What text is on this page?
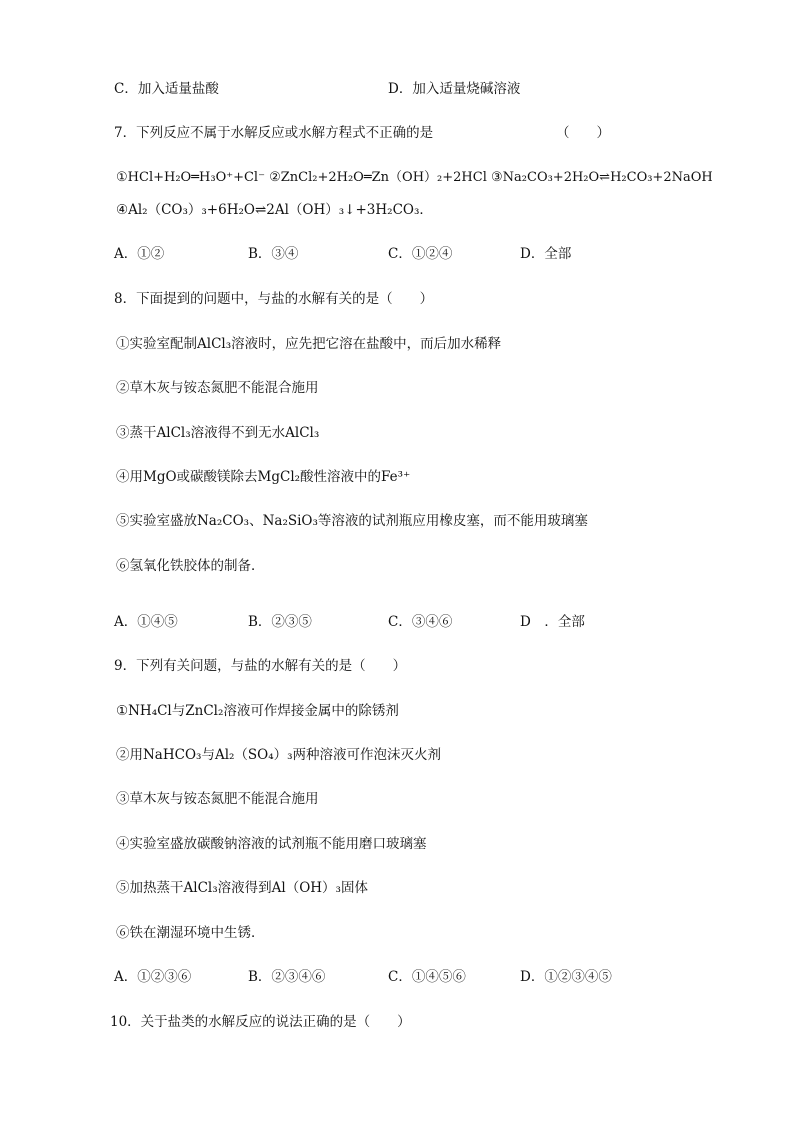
C．加入适量盐酸	D．加入适量烧碱溶液
7．下列反应不属于水解反应或水解方程式不正确的是	（　　）
①HCl+H₂O═H₃O⁺+Cl⁻ ②ZnCl₂+2H₂O═Zn（OH）₂+2HCl ③Na₂CO₃+2H₂O⇌H₂CO₃+2NaOH
④Al₂（CO₃）₃+6H₂O⇌2Al（OH）₃↓+3H₂CO₃．
A．①②	B．③④	C．①②④	D．全部
8．下面提到的问题中，与盐的水解有关的是（　　）
①实验室配制AlCl₃溶液时，应先把它溶在盐酸中，而后加水稀释
②草木灰与铵态氮肥不能混合施用
③蒸干AlCl₃溶液得不到无水AlCl₃
④用MgO或碳酸镁除去MgCl₂酸性溶液中的Fe³⁺
⑤实验室盛放Na₂CO₃、Na₂SiO₃等溶液的试剂瓶应用橡皮塞，而不能用玻璃塞
⑥氢氧化铁胶体的制备．
A．①④⑤	B．②③⑤	C．③④⑥	D　．全部
9．下列有关问题，与盐的水解有关的是（　　）
①NH₄Cl与ZnCl₂溶液可作焊接金属中的除锈剂
②用NaHCO₃与Al₂（SO₄）₃两种溶液可作泡沫灭火剂
③草木灰与铵态氮肥不能混合施用
④实验室盛放碳酸钠溶液的试剂瓶不能用磨口玻璃塞
⑤加热蒸干AlCl₃溶液得到Al（OH）₃固体
⑥铁在潮湿环境中生锈．
A．①②③⑥	B．②③④⑥	C．①④⑤⑥	D．①②③④⑤
10．关于盐类的水解反应的说法正确的是（　　）
